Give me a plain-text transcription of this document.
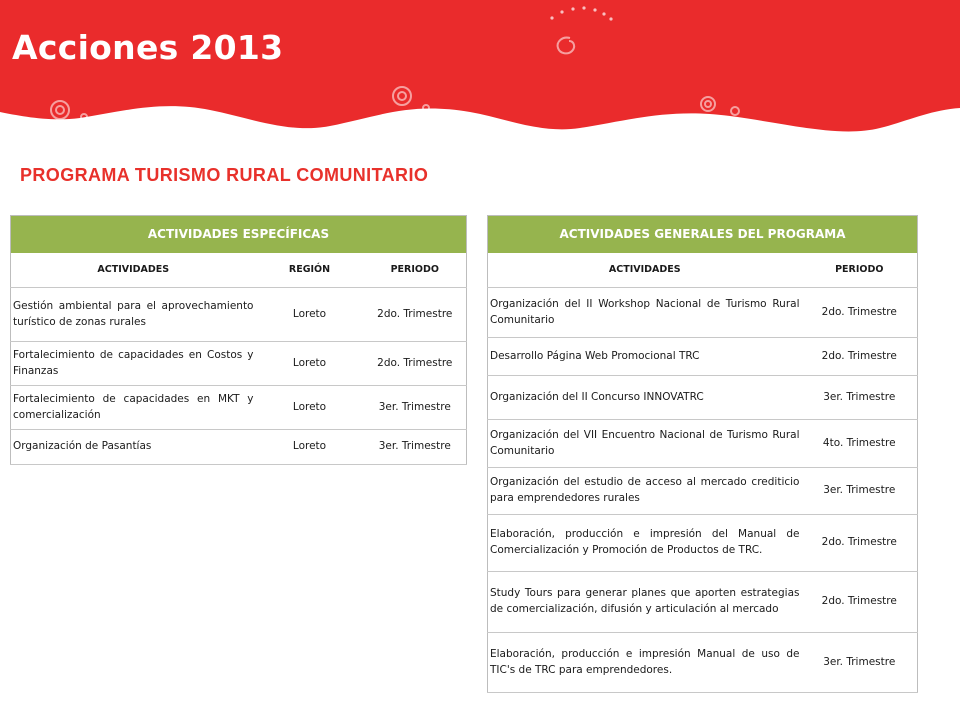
Acciones 2013
PROGRAMA TURISMO RURAL COMUNITARIO
ACTIVIDADES ESPECÍFICAS		
ACTIVIDADES	REGIÓN	PERIODO
Gestión ambiental para el aprovechamiento turístico de zonas rurales	Loreto	2do. Trimestre
Fortalecimiento de capacidades en Costos y Finanzas	Loreto	2do. Trimestre
Fortalecimiento de capacidades en MKT y comercialización	Loreto	3er. Trimestre
Organización de Pasantías	Loreto	3er. Trimestre
ACTIVIDADES GENERALES DEL PROGRAMA	
ACTIVIDADES	PERIODO
Organización del II Workshop Nacional de Turismo Rural Comunitario	2do. Trimestre
Desarrollo Página Web Promocional TRC	2do. Trimestre
Organización del II Concurso INNOVATRC	3er. Trimestre
Organización del VII Encuentro Nacional de Turismo Rural Comunitario	4to. Trimestre
Organización del estudio de acceso al mercado crediticio para emprendedores rurales	3er. Trimestre
Elaboración, producción e impresión del Manual de Comercialización y Promoción de Productos de TRC.	2do. Trimestre
Study Tours para generar planes que aporten estrategias de comercialización, difusión y articulación al mercado	2do. Trimestre
Elaboración, producción e impresión Manual de uso de TIC's de TRC para emprendedores.	3er. Trimestre
